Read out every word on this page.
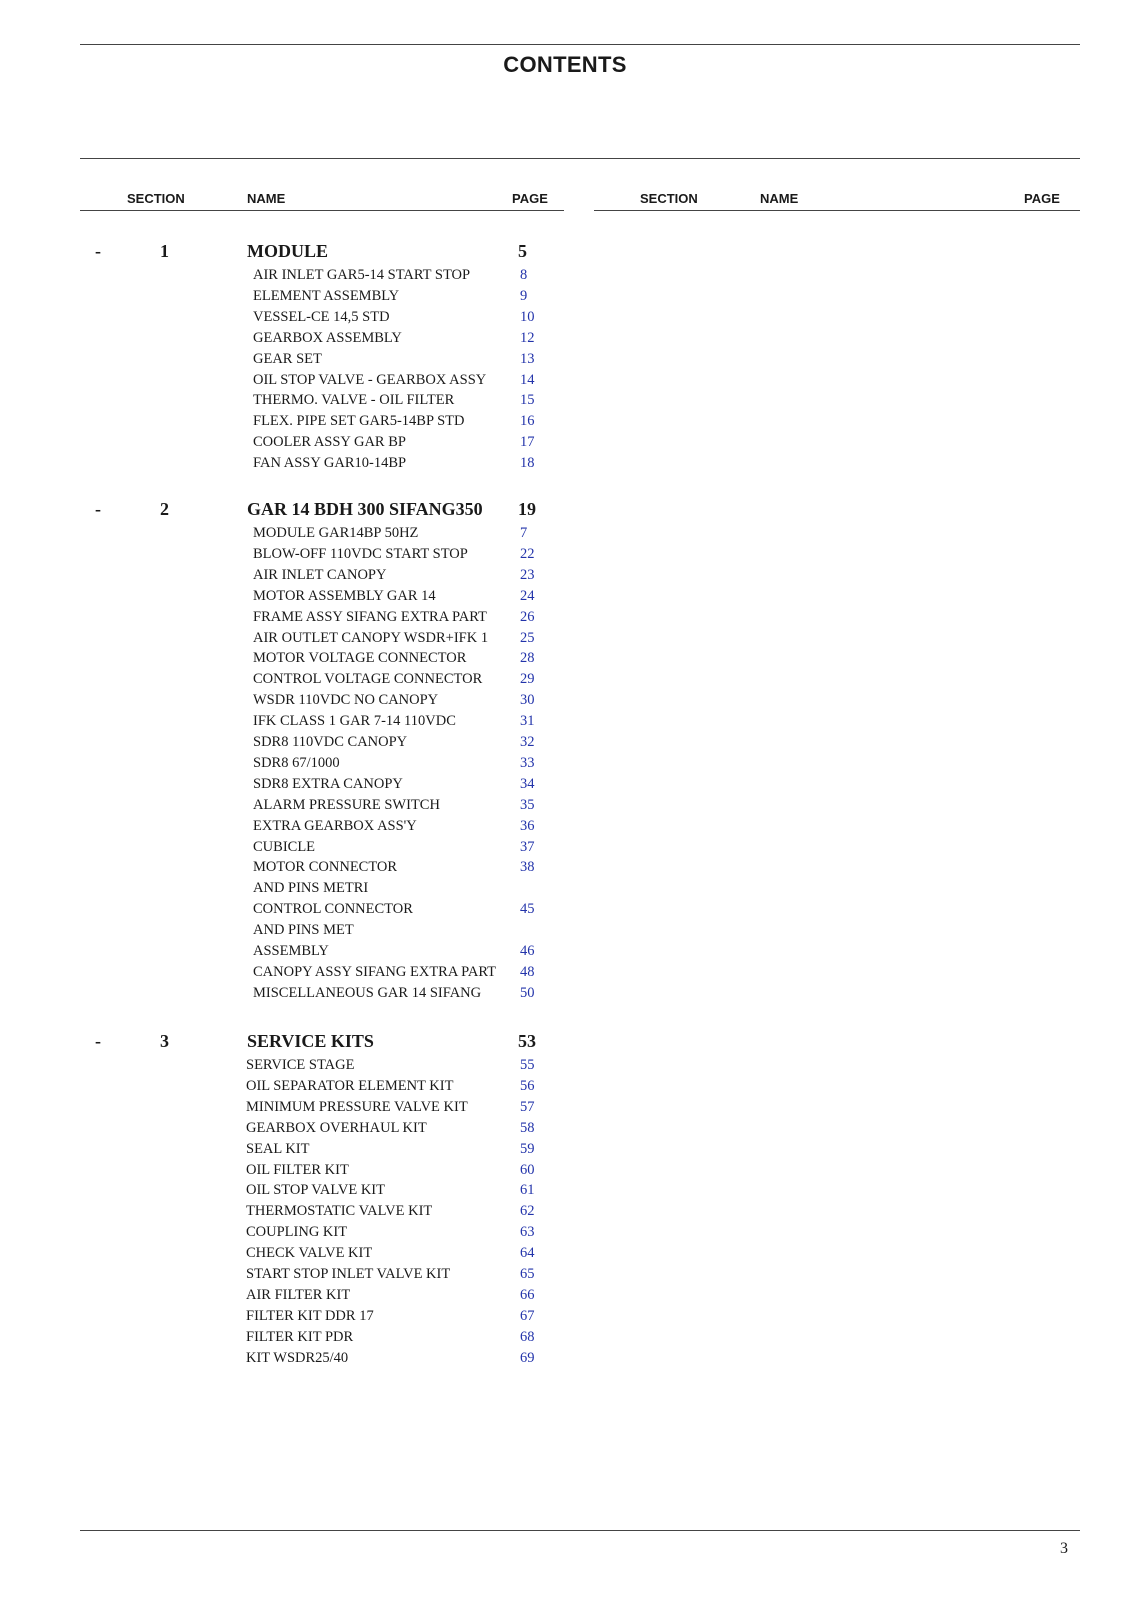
CONTENTS
SECTION	NAME	PAGE	SECTION	NAME	PAGE
-	1	MODULE	5
AIR INLET GAR5-14 START STOP	8
ELEMENT ASSEMBLY	9
VESSEL-CE 14,5 STD	10
GEARBOX ASSEMBLY	12
GEAR SET	13
OIL STOP VALVE - GEARBOX ASSY 14
THERMO. VALVE - OIL FILTER	15
FLEX. PIPE SET GAR5-14BP STD	16
COOLER ASSY GAR BP	17
FAN ASSY GAR10-14BP	18
-	2	GAR 14 BDH 300 SIFANG350 19
MODULE GAR14BP 50HZ	7
BLOW-OFF 110VDC START STOP	22
AIR INLET CANOPY	23
MOTOR ASSEMBLY GAR 14	24
FRAME ASSY SIFANG EXTRA PART 26
AIR OUTLET CANOPY WSDR+IFK 1 25
MOTOR VOLTAGE CONNECTOR	28
CONTROL VOLTAGE CONNECTOR	29
WSDR 110VDC NO CANOPY	30
IFK CLASS 1 GAR 7-14 110VDC	31
SDR8 110VDC CANOPY	32
SDR8 67/1000	33
SDR8 EXTRA CANOPY	34
ALARM PRESSURE SWITCH	35
EXTRA GEARBOX ASS'Y	36
CUBICLE	37
MOTOR CONNECTOR	38
AND PINS METRI
CONTROL CONNECTOR	45
AND PINS MET
ASSEMBLY	46
CANOPY ASSY SIFANG EXTRA PART 48
MISCELLANEOUS GAR 14 SIFANG	50
-	3	SERVICE KITS	53
SERVICE STAGE	55
OIL SEPARATOR ELEMENT KIT	56
MINIMUM PRESSURE VALVE KIT	57
GEARBOX OVERHAUL KIT	58
SEAL KIT	59
OIL FILTER KIT	60
OIL STOP VALVE KIT	61
THERMOSTATIC VALVE KIT	62
COUPLING KIT	63
CHECK VALVE KIT	64
START STOP INLET VALVE KIT	65
AIR FILTER KIT	66
FILTER KIT DDR 17	67
FILTER KIT PDR	68
KIT WSDR25/40	69
3
